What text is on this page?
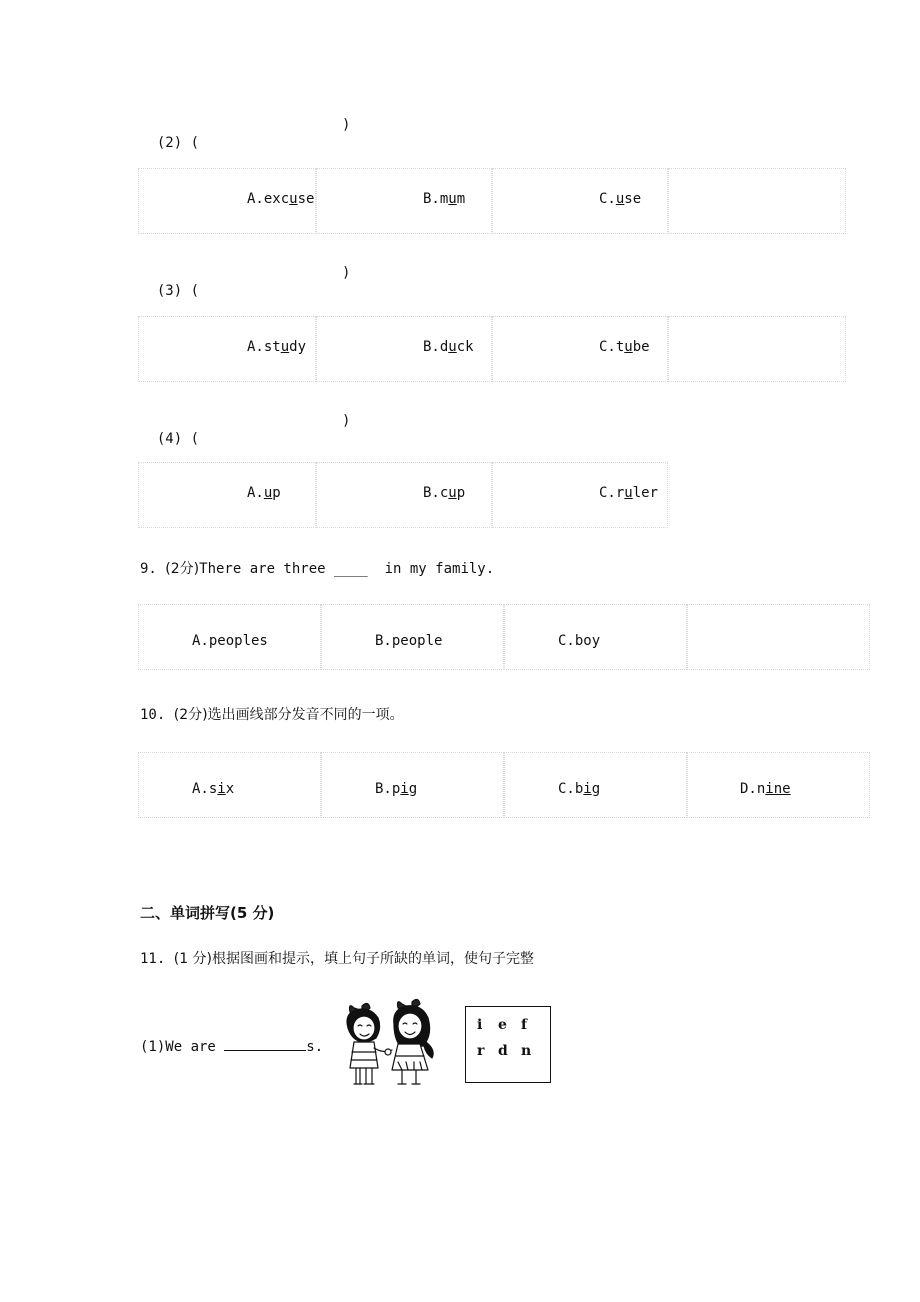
(2) (

)
A.excuse	B.mum	C.use

(3) (

)
A.study	B.duck	C.tube

(4) (

)
A.up	B.cup	C.ruler
9. (2分)There are three ____ in my family.
A.peoples	B.people	C.boy
10. (2分)选出画线部分发音不同的一项。
A.six	B.pig	C.big	D.nine
二、单词拼写(5 分)
11. (1 分)根据图画和提示，填上句子所缺的单词，使句子完整
(1)We are	s.
i e f
r d n
